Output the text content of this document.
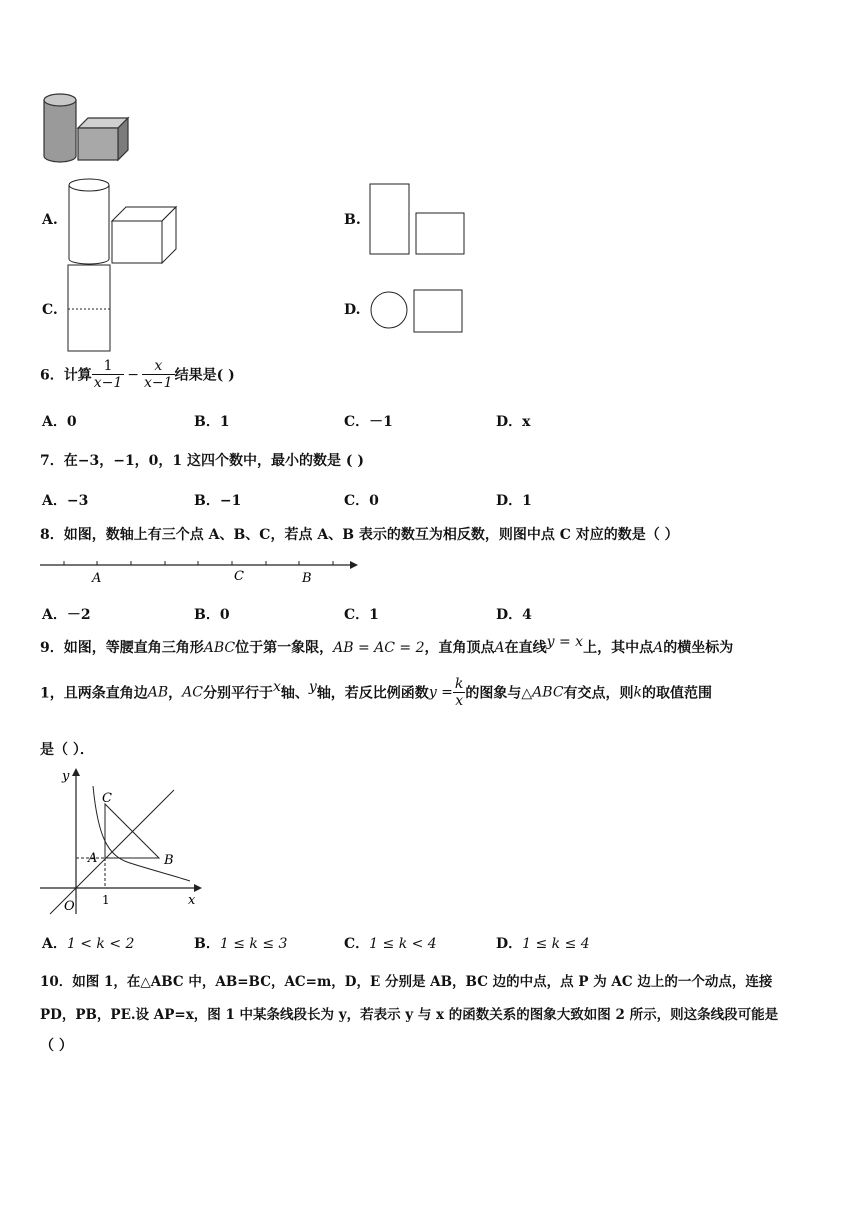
A.	B.
C.	D.
6．计算 $\frac{1}{x-1} - \frac{x}{x-1}$ 结果是( )
A．0	B．1	C．－1	D．x
7．在−3，−1，0，1 这四个数中，最小的数是 ( )
A．−3	B．−1	C．0	D．1
8．如图，数轴上有三个点 A、B、C，若点 A、B 表示的数互为相反数，则图中点 C 对应的数是（ ）
A	C	B
A．－2	B．0	C．1	D．4
9．如图，等腰直角三角形ABC位于第一象限，AB = AC = 2，直角顶点A在直线y = x上，其中点A的横坐标为
1，且两条直角边AB，AC分别平行于x轴、y轴，若反比例函数$y = \frac{k}{x}$ 的图象与△ABC有交点，则k的取值范围
是（ ）．
y
x
O 1
C
A	B
A．1 < k < 2	B．1 ≤ k ≤ 3	C．1 ≤ k < 4	D．1 ≤ k ≤ 4
10．如图 1，在△ABC 中，AB=BC，AC=m，D，E 分别是 AB，BC 边的中点，点 P 为 AC 边上的一个动点，连接
PD，PB，PE.设 AP=x，图 1 中某条线段长为 y，若表示 y 与 x 的函数关系的图象大致如图 2 所示，则这条线段可能是
（ ）
